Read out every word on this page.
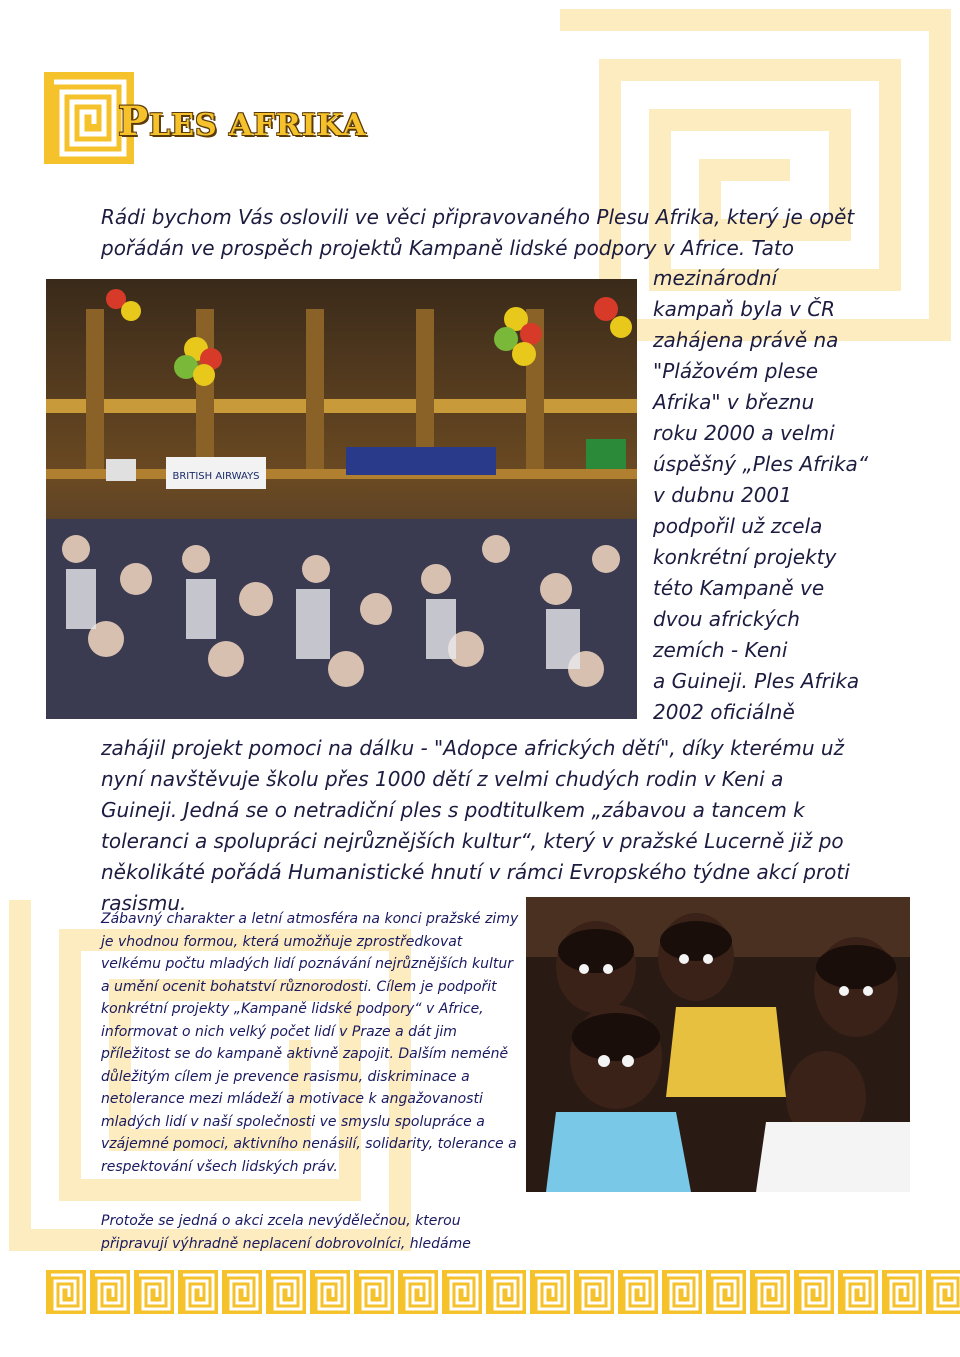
PLES AFRIKA
Rádi bychom Vás oslovili ve věci připravovaného Plesu Afrika, který je opět pořádán ve prospěch projektů Kampaně lidské podpory v Africe. Tato
BRITISH AIRWAYS
mezinárodní
kampaň byla v ČR
zahájena právě na
"Plážovém plese
Afrika" v březnu
roku 2000 a velmi
úspěšný „Ples Afrika“
v dubnu 2001
podpořil už zcela
konkrétní projekty
této Kampaně ve
dvou afrických
zemích - Keni
a Guineji. Ples Afrika
2002 oficiálně
zahájil projekt pomoci na dálku - "Adopce afrických dětí", díky kterému už nyní navštěvuje školu přes 1000 dětí z velmi chudých rodin v Keni a Guineji. Jedná se o netradiční ples s podtitulkem „zábavou a tancem k toleranci a spolupráci nejrůznějších kultur“, který v pražské Lucerně již po několikáté pořádá Humanistické hnutí v rámci Evropského týdne akcí proti rasismu.
Zábavný charakter a letní atmosféra na konci pražské zimy je vhodnou formou, která umožňuje zprostředkovat velkému počtu mladých lidí poznávání nejrůznějších kultur a umění ocenit bohatství různorodosti. Cílem je podpořit konkrétní projekty „Kampaně lidské podpory“ v Africe, informovat o nich velký počet lidí v Praze a dát jim příležitost se do kampaně aktivně zapojit. Dalším neméně důležitým cílem je prevence rasismu, diskriminace a netolerance mezi mládeží a motivace k angažovanosti mladých lidí v naší společnosti ve smyslu spolupráce a vzájemné pomoci, aktivního nenásilí, solidarity, tolerance a respektování všech lidských práv.
Protože se jedná o akci zcela nevýdělečnou, kterou připravují výhradně neplacení dobrovolníci, hledáme
